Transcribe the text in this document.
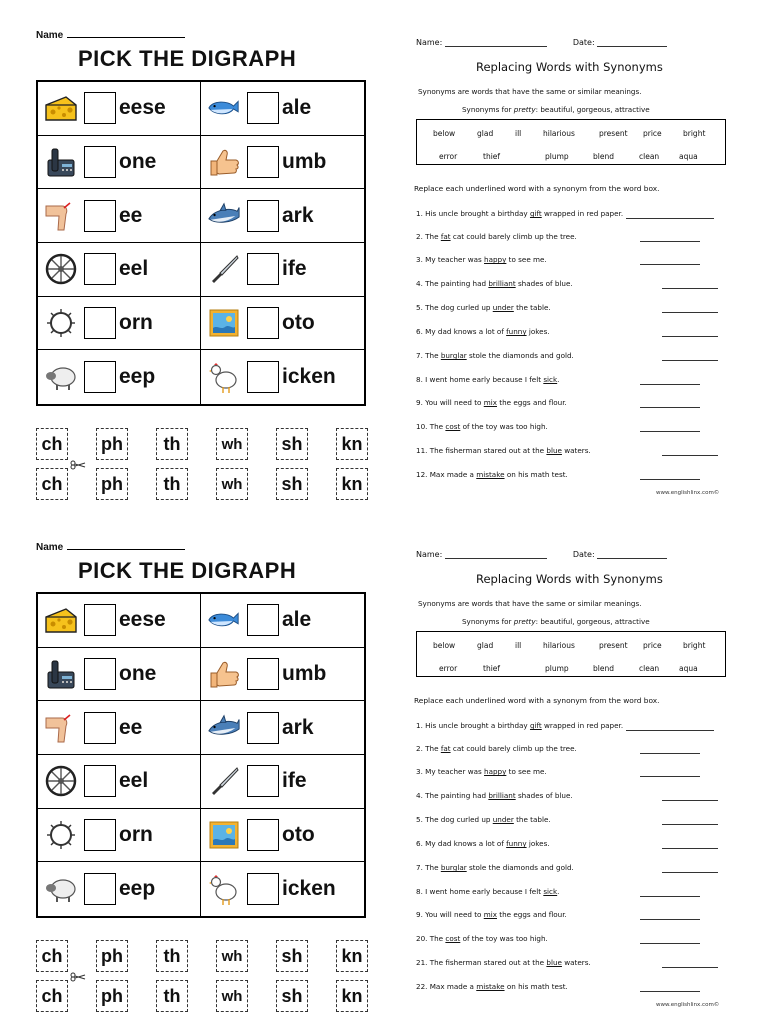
Name
PICK THE DIGRAPH
eese	ale
one	umb
ee	ark
eel	ife
orn	oto
eep	icken
ch	ph	th	wh	sh	kn
ch	ph	th	wh	sh	kn
Name:	Date:
Replacing Words with Synonyms
Synonyms are words that have the same or similar meanings.
Synonyms for pretty: beautiful, gorgeous, attractive
below	glad	ill	hilarious	present price	bright
error	thief	plump	blend	clean	aqua
Replace each underlined word with a synonym from the word box.
1. His uncle brought a birthday gift wrapped in red paper.
2. The fat cat could barely climb up the tree.
3. My teacher was happy to see me.
4. The painting had brilliant shades of blue.
5. The dog curled up under the table.
6. My dad knows a lot of funny jokes.
7. The burglar stole the diamonds and gold.
8. I went home early because I felt sick.
9. You will need to mix the eggs and flour.
10. The cost of the toy was too high.
11. The fisherman stared out at the blue waters.
12. Max made a mistake on his math test.
www.englishlinx.com©
Name
PICK THE DIGRAPH
eese	ale
one	umb
ee	ark
eel	ife
orn	oto
eep	icken
ch	ph	th	wh	sh	kn
ch	ph	th	wh	sh	kn
Name:	Date:
Replacing Words with Synonyms
Synonyms are words that have the same or similar meanings.
Synonyms for pretty: beautiful, gorgeous, attractive
below	glad	ill	hilarious	present price	bright
error	thief	plump	blend	clean	aqua
Replace each underlined word with a synonym from the word box.
1. His uncle brought a birthday gift wrapped in red paper.
2. The fat cat could barely climb up the tree.
3. My teacher was happy to see me.
4. The painting had brilliant shades of blue.
5. The dog curled up under the table.
6. My dad knows a lot of funny jokes.
7. The burglar stole the diamonds and gold.
8. I went home early because I felt sick.
9. You will need to mix the eggs and flour.
20. The cost of the toy was too high.
21. The fisherman stared out at the blue waters.
22. Max made a mistake on his math test.
www.englishlinx.com©
